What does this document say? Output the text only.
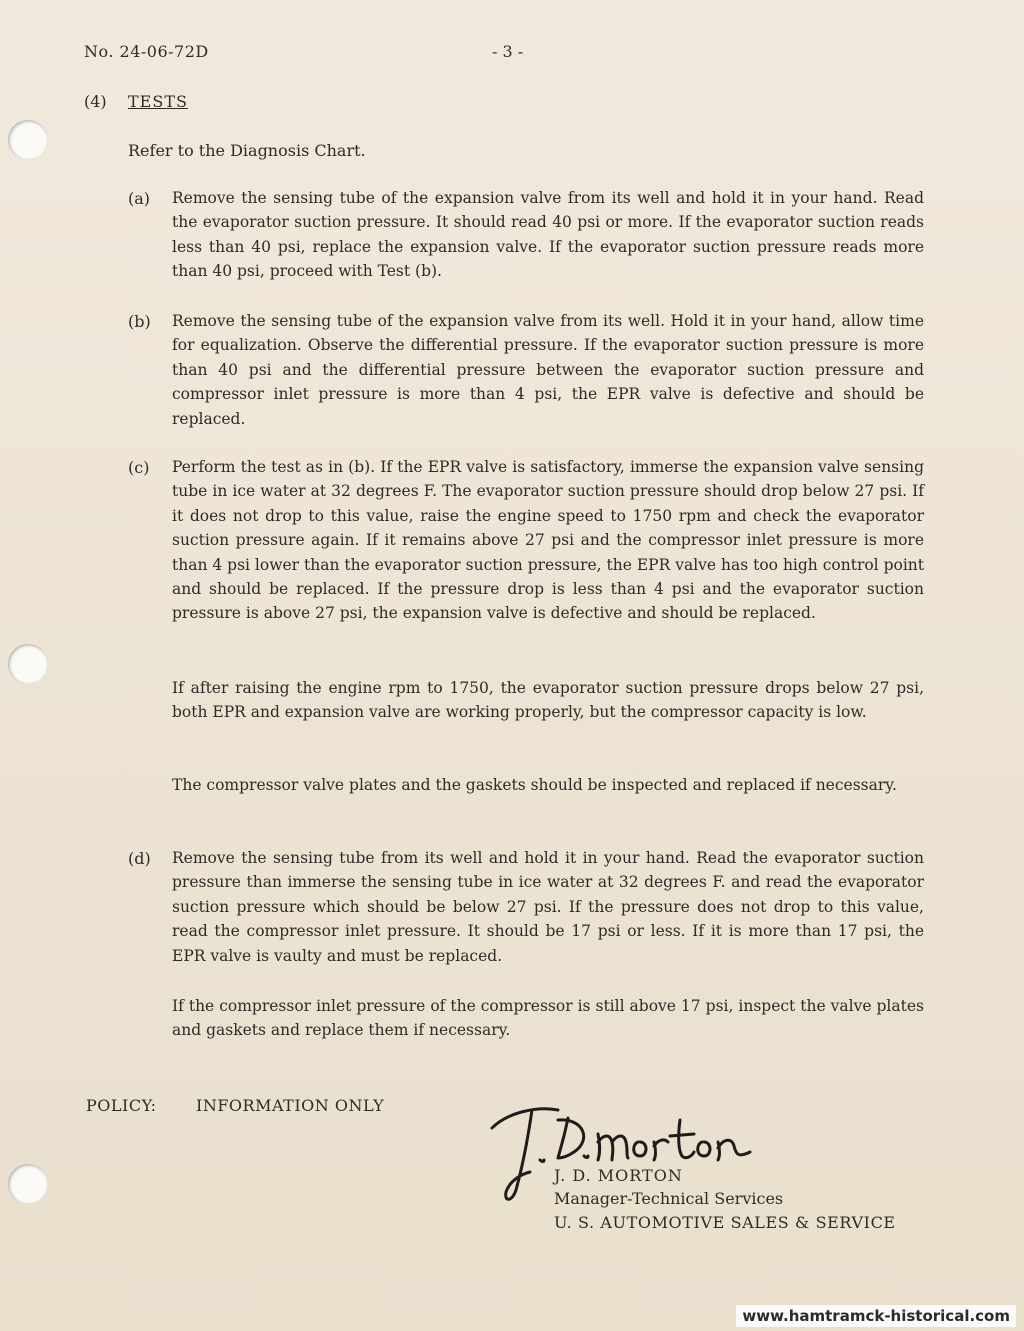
No. 24-06-72D	- 3 -
(4) TESTS
Refer to the Diagnosis Chart.
(a) Remove the sensing tube of the expansion valve from its well and hold it in your hand. Read the evaporator suction pressure. It should read 40 psi or more. If the evaporator suction reads less than 40 psi, replace the expansion valve. If the evaporator suction pressure reads more than 40 psi, proceed with Test (b).
(b) Remove the sensing tube of the expansion valve from its well. Hold it in your hand, allow time for equalization. Observe the differential pressure. If the evaporator suction pressure is more than 40 psi and the differential pressure between the evaporator suction pressure and compressor inlet pressure is more than 4 psi, the EPR valve is defective and should be replaced.
(c) Perform the test as in (b). If the EPR valve is satisfactory, immerse the expansion valve sensing tube in ice water at 32 degrees F. The evaporator suction pressure should drop below 27 psi. If it does not drop to this value, raise the engine speed to 1750 rpm and check the evaporator suction pressure again. If it remains above 27 psi and the compressor inlet pressure is more than 4 psi lower than the evaporator suction pressure, the EPR valve has too high control point and should be replaced. If the pressure drop is less than 4 psi and the evaporator suction pressure is above 27 psi, the expansion valve is defective and should be replaced.
If after raising the engine rpm to 1750, the evaporator suction pressure drops below 27 psi, both EPR and expansion valve are working properly, but the compressor capacity is low.
The compressor valve plates and the gaskets should be inspected and replaced if necessary.
(d) Remove the sensing tube from its well and hold it in your hand. Read the evaporator suction pressure than immerse the sensing tube in ice water at 32 degrees F. and read the evaporator suction pressure which should be below 27 psi. If the pressure does not drop to this value, read the compressor inlet pressure. It should be 17 psi or less. If it is more than 17 psi, the EPR valve is vaulty and must be replaced.
If the compressor inlet pressure of the compressor is still above 17 psi, inspect the valve plates and gaskets and replace them if necessary.
POLICY: INFORMATION ONLY
J. D. MORTON
Manager-Technical Services
U. S. AUTOMOTIVE SALES & SERVICE
www.hamtramck-historical.com
